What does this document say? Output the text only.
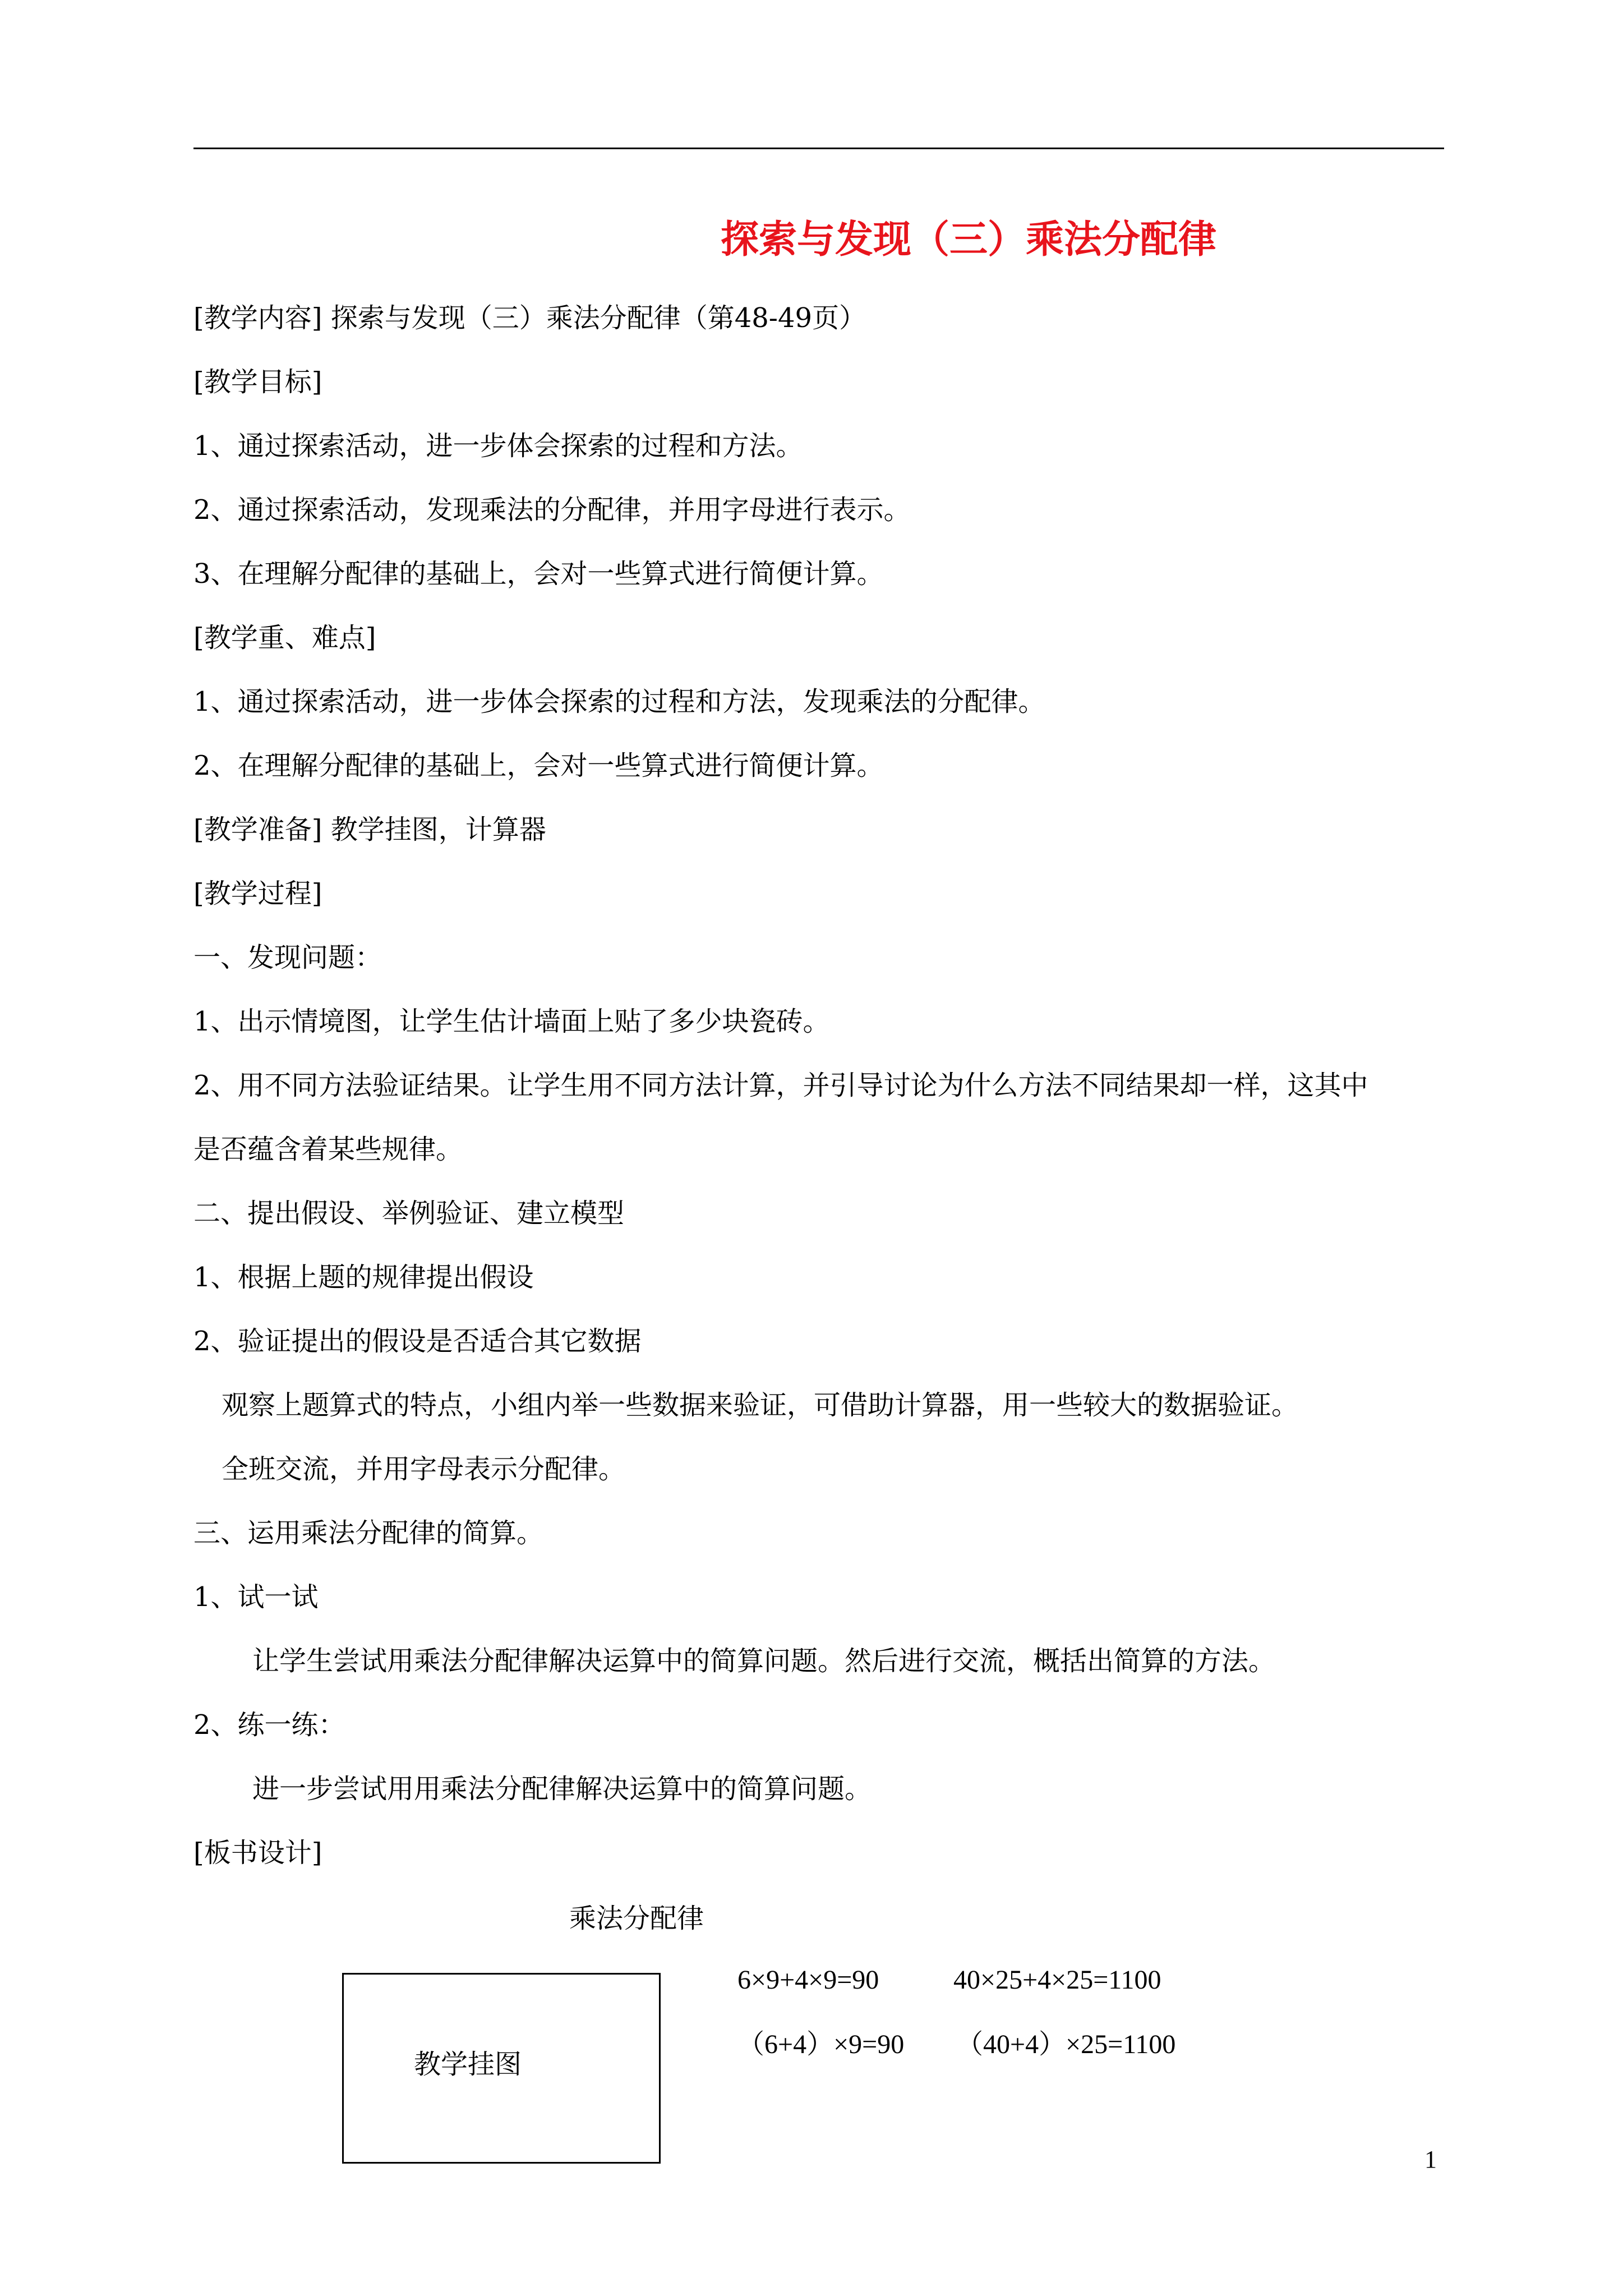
探索与发现（三）乘法分配律
[教学内容] 探索与发现（三）乘法分配律（第48-49页）
[教学目标]
1、通过探索活动，进一步体会探索的过程和方法。
2、通过探索活动，发现乘法的分配律，并用字母进行表示。
3、在理解分配律的基础上，会对一些算式进行简便计算。
[教学重、难点]
1、通过探索活动，进一步体会探索的过程和方法，发现乘法的分配律。
2、在理解分配律的基础上，会对一些算式进行简便计算。
[教学准备] 教学挂图，计算器
[教学过程]
一、发现问题：
1、出示情境图，让学生估计墙面上贴了多少块瓷砖。
2、用不同方法验证结果。让学生用不同方法计算，并引导讨论为什么方法不同结果却一样，这其中
是否蕴含着某些规律。
二、提出假设、举例验证、建立模型
1、根据上题的规律提出假设
2、验证提出的假设是否适合其它数据
观察上题算式的特点，小组内举一些数据来验证，可借助计算器，用一些较大的数据验证。
全班交流，并用字母表示分配律。
三、运用乘法分配律的简算。
1、试一试
让学生尝试用乘法分配律解决运算中的简算问题。然后进行交流，概括出简算的方法。
2、练一练：
进一步尝试用用乘法分配律解决运算中的简算问题。
[板书设计]
乘法分配律
教学挂图
6×9+4×9=90	40×25+4×25=1100
（6+4）×9=90 （40+4）×25=1100
1
